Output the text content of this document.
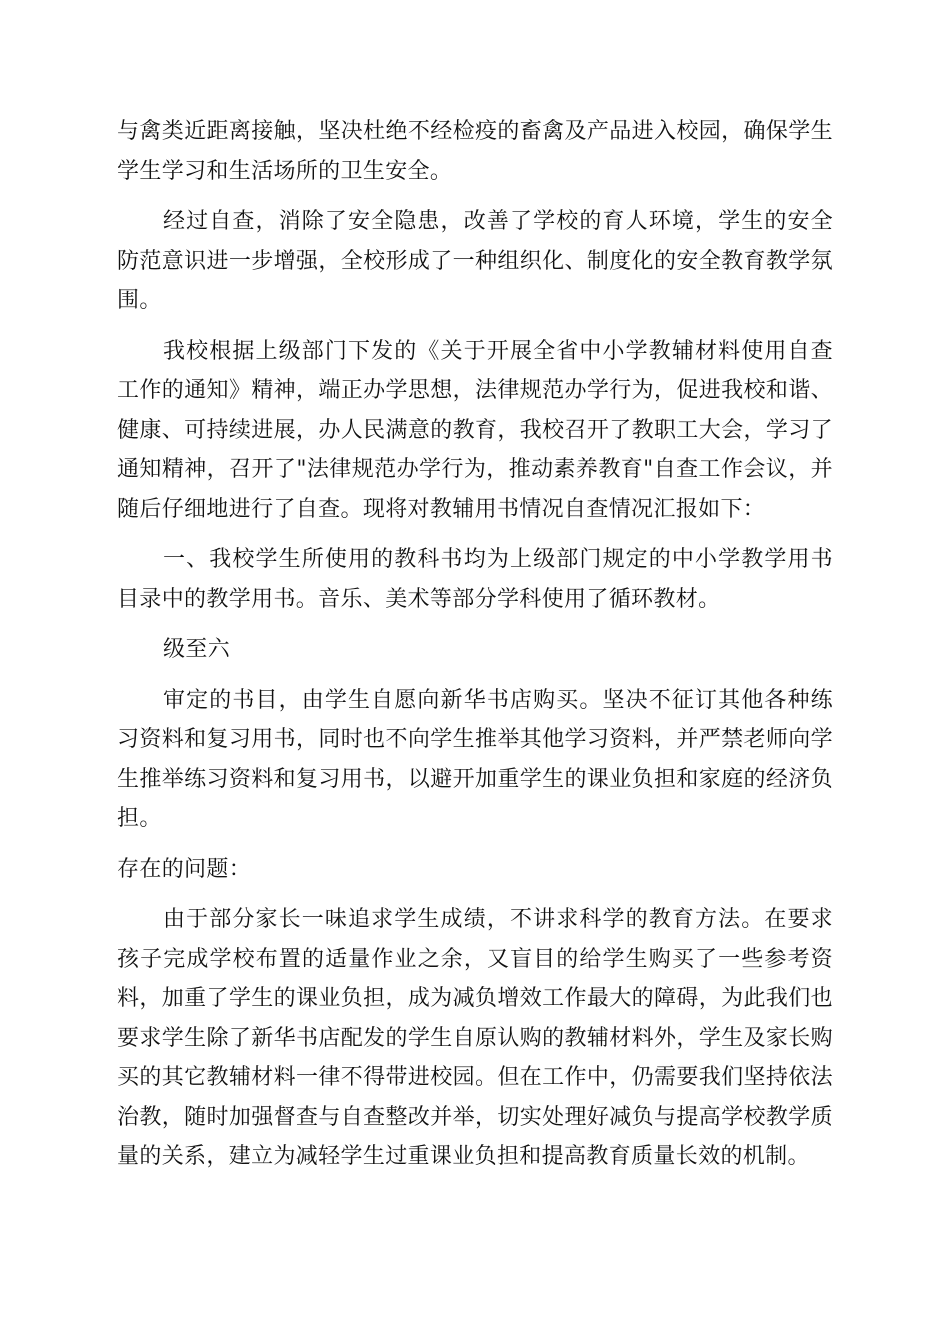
与禽类近距离接触，坚决杜绝不经检疫的畜禽及产品进入校园，确保学生学生学习和生活场所的卫生安全。

经过自查，消除了安全隐患，改善了学校的育人环境，学生的安全防范意识进一步增强，全校形成了一种组织化、制度化的安全教育教学氛围。

我校根据上级部门下发的《关于开展全省中小学教辅材料使用自查工作的通知》精神，端正办学思想，法律规范办学行为，促进我校和谐、健康、可持续进展，办人民满意的教育，我校召开了教职工大会，学习了通知精神，召开了"法律规范办学行为，推动素养教育"自查工作会议，并随后仔细地进行了自查。现将对教辅用书情况自查情况汇报如下：

一、我校学生所使用的教科书均为上级部门规定的中小学教学用书目录中的教学用书。音乐、美术等部分学科使用了循环教材。

级至六

审定的书目，由学生自愿向新华书店购买。坚决不征订其他各种练习资料和复习用书，同时也不向学生推举其他学习资料，并严禁老师向学生推举练习资料和复习用书，以避开加重学生的课业负担和家庭的经济负担。

存在的问题：

由于部分家长一味追求学生成绩，不讲求科学的教育方法。在要求孩子完成学校布置的适量作业之余，又盲目的给学生购买了一些参考资料，加重了学生的课业负担，成为减负增效工作最大的障碍，为此我们也要求学生除了新华书店配发的学生自原认购的教辅材料外，学生及家长购买的其它教辅材料一律不得带进校园。但在工作中，仍需要我们坚持依法治教，随时加强督查与自查整改并举，切实处理好减负与提高学校教学质量的关系，建立为减轻学生过重课业负担和提高教育质量长效的机制。
